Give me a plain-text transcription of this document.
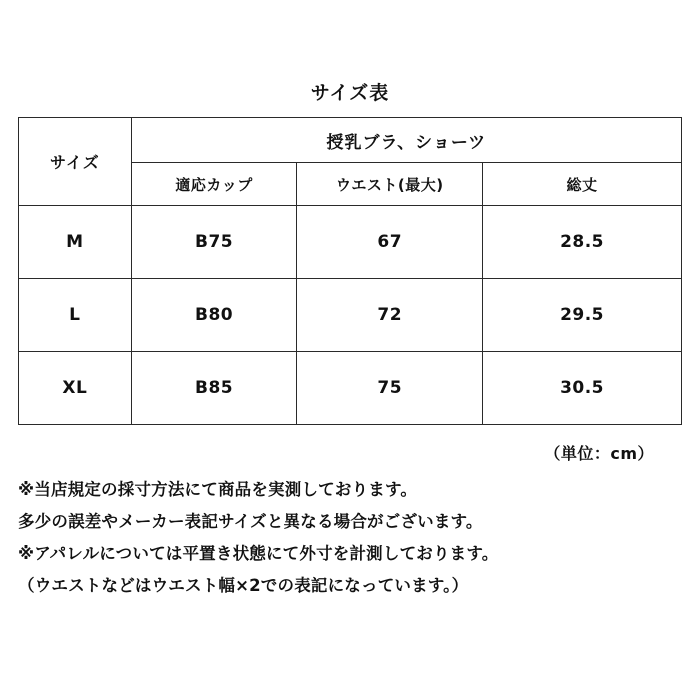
サイズ表
サイズ	授乳ブラ、ショーツ		
	適応カップ	ウエスト(最大)	総丈
M	B75	67	28.5
L	B80	72	29.5
XL	B85	75	30.5
（単位：cm）

※当店規定の採寸方法にて商品を実測しております。

多少の誤差やメーカー表記サイズと異なる場合がございます。

※アパレルについては平置き状態にて外寸を計測しております。

（ウエストなどはウエスト幅×2での表記になっています。）
